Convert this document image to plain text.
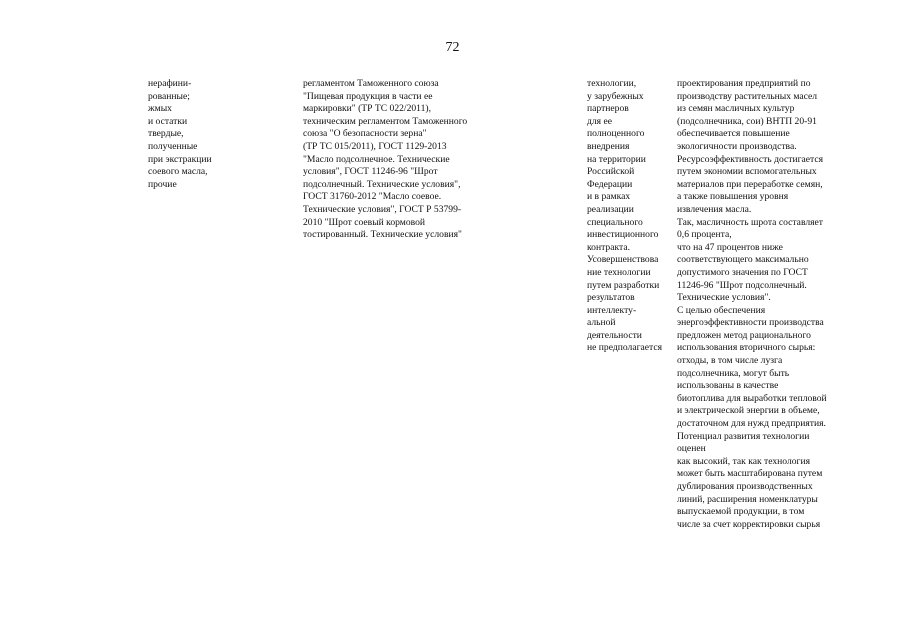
72
нерафини-
рованные;
жмых
и остатки
твердые,
полученные
при экстракции
соевого масла,
прочие
регламентом Таможенного союза
"Пищевая продукция в части ее
маркировки" (ТР ТС 022/2011),
техническим регламентом Таможенного
союза "О безопасности зерна"
(ТР ТС 015/2011), ГОСТ 1129-2013
"Масло подсолнечное. Технические
условия", ГОСТ 11246-96 "Шрот
подсолнечный. Технические условия",
ГОСТ 31760-2012 "Масло соевое.
Технические условия", ГОСТ Р 53799-
2010 "Шрот соевый кормовой
тостированный. Технические условия"
технологии,
у зарубежных
партнеров
для ее
полноценного
внедрения
на территории
Российской
Федерации
и в рамках
реализации
специального
инвестиционного
контракта.
Усовершенствова
ние технологии
путем разработки
результатов
интеллекту-
альной
деятельности
не предполагается
проектирования предприятий по
производству растительных масел
из семян масличных культур
(подсолнечника, сои) ВНТП 20-91
обеспечивается повышение
экологичности производства.
Ресурсоэффективность достигается
путем экономии вспомогательных
материалов при переработке семян,
а также повышения уровня
извлечения масла.
Так, масличность шрота составляет
0,6 процента,
что на 47 процентов ниже
соответствующего максимально
допустимого значения по ГОСТ
11246-96 "Шрот подсолнечный.
Технические условия".
С целью обеспечения
энергоэффективности производства
предложен метод рационального
использования вторичного сырья:
отходы, в том числе лузга
подсолнечника, могут быть
использованы в качестве
биотоплива для выработки тепловой
и электрической энергии в объеме,
достаточном для нужд предприятия.
Потенциал развития технологии
оценен
как высокий, так как технология
может быть масштабирована путем
дублирования производственных
линий, расширения номенклатуры
выпускаемой продукции, в том
числе за счет корректировки сырья
